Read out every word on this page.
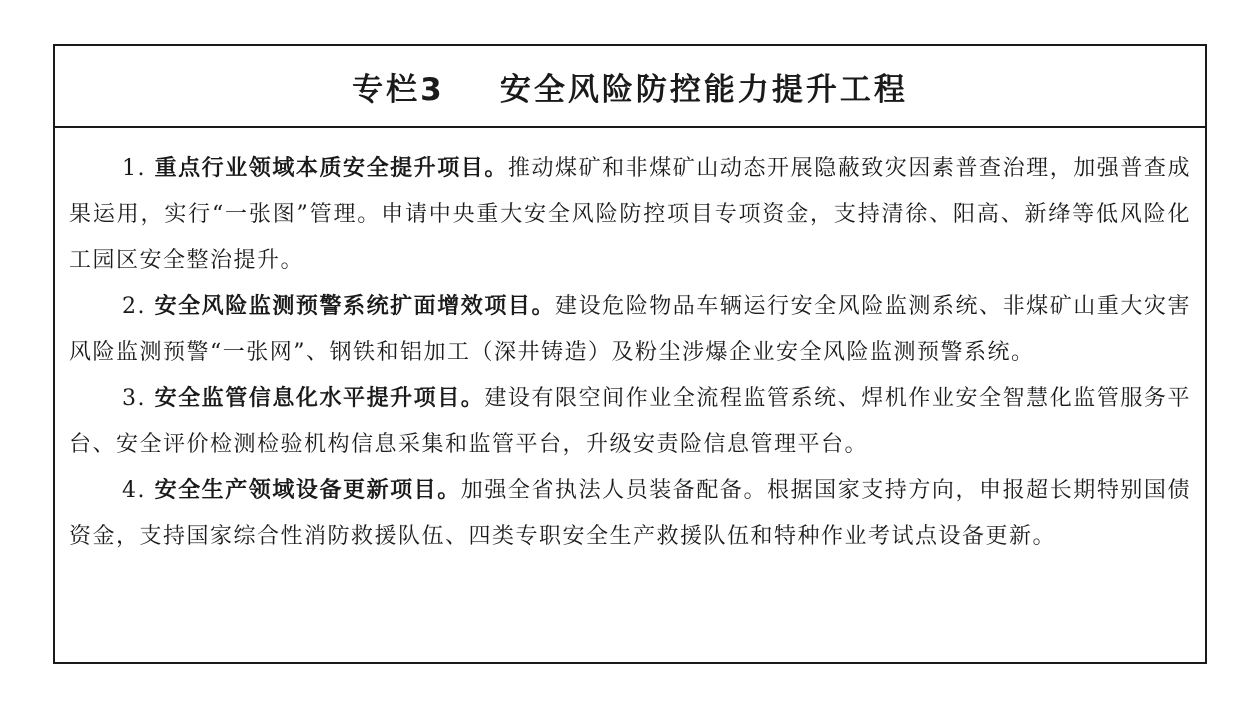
专栏3 安全风险防控能力提升工程

1. 重点行业领域本质安全提升项目。推动煤矿和非煤矿山动态开展隐蔽致灾因素普查治理，加强普查成果运用，实行“一张图”管理。申请中央重大安全风险防控项目专项资金，支持清徐、阳高、新绛等低风险化工园区安全整治提升。

2. 安全风险监测预警系统扩面增效项目。建设危险物品车辆运行安全风险监测系统、非煤矿山重大灾害风险监测预警“一张网”、钢铁和铝加工（深井铸造）及粉尘涉爆企业安全风险监测预警系统。

3. 安全监管信息化水平提升项目。建设有限空间作业全流程监管系统、焊机作业安全智慧化监管服务平台、安全评价检测检验机构信息采集和监管平台，升级安责险信息管理平台。

4. 安全生产领域设备更新项目。加强全省执法人员装备配备。根据国家支持方向，申报超长期特别国债资金，支持国家综合性消防救援队伍、四类专职安全生产救援队伍和特种作业考试点设备更新。
